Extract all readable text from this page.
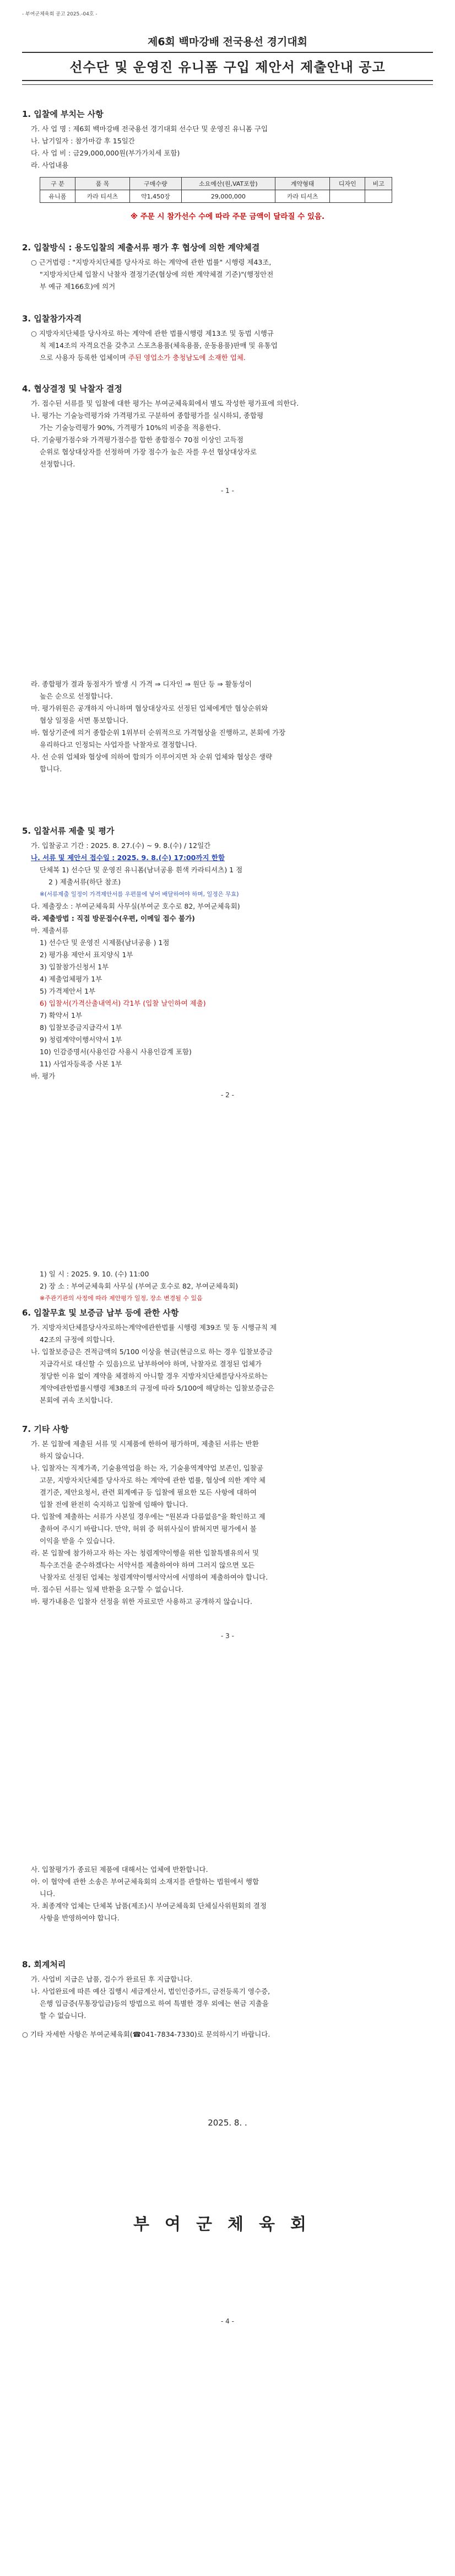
- 부여군체육회 공고 2025.-04호 -

제6회 백마강배 전국용선 경기대회

선수단 및 운영진 유니폼 구입 제안서 제출안내 공고

1. 입찰에 부치는 사항

가. 사 업 명 : 제6회 백마강배 전국용선 경기대회 선수단 및 운영진 유니폼 구입

나. 납기일자 : 참가마감 후 15일간

다. 사 업 비 : 금29,000,000원(부가가치세 포함)

라. 사업내용

구 분	품 목	구매수량	소요예산(원,VAT포함)	계약형태	디자인	비고
유니폼	카라 티셔츠	약1,450장	29,000,000	카라 티셔츠		

※ 주문 시 참가선수 수에 따라 주문 금액이 달라질 수 있음.

2. 입찰방식 : 용도입찰의 제출서류 평가 후 협상에 의한 계약체결

○ 근거법령 : "지방자치단체를 당사자로 하는 계약에 관한 법률" 시행령 제43조,

"지방자치단체 입찰시 낙찰자 결정기준(협상에 의한 계약체결 기준)"(행정안전

부 예규 제166호)에 의거

3. 입찰참가자격

○ 지방자치단체를 당사자로 하는 계약에 관한 법률시행령 제13조 및 동법 시행규

칙 제14조의 자격요건을 갖추고 스포츠용품(체육용품, 운동용품)판매 및 유통업

으로 사용자 등록한 업체이며 주된 영업소가 충청남도에 소재한 업체.

4. 협상결정 및 낙찰자 결정

가. 접수된 서류를 및 입찰에 대한 평가는 부여군체육회에서 별도 작성한 평가표에 의한다.

나. 평가는 기술능력평가와 가격평가로 구분하여 종합평가를 실시하되, 종합평

가는 기술능력평가 90%, 가격평가 10%의 비중을 적용한다.

다. 기술평가점수와 가격평가점수를 합한 종합점수 70점 이상인 고득점

순위로 협상대상자를 선정하며 가장 점수가 높은 자를 우선 협상대상자로

선정합니다.

- 1 -

라. 종합평가 결과 동점자가 발생 시 가격 ⇒ 디자인 ⇒ 원단 등 ⇒ 활동성이

높은 순으로 선정합니다.

마. 평가위원은 공개하지 아니하며 협상대상자로 선정된 업체에게만 협상순위와

협상 일정을 서면 통보합니다.

바. 협상기준에 의거 종합순위 1위부터 순위적으로 가격협상을 진행하고, 본회에 가장

유리하다고 인정되는 사업자를 낙찰자로 결정합니다.

사. 선 순위 업체와 협상에 의하여 합의가 이루어지면 차 순위 업체와 협상은 생략

합니다.

5. 입찰서류 제출 및 평가

가. 입찰공고 기간 : 2025. 8. 27.(수) ~ 9. 8.(수) / 12일간

나. 서류 및 제안서 접수일 : 2025. 9. 8.(수) 17:00까지 한함

단체복 1) 선수단 및 운영진 유니폼(남녀공용 흰색 카라티셔츠) 1 점

2 ) 제출서류(하단 참조)

※(서류제출 일정이 가격제안서를 우편물에 넣어 배달하여야 하며, 일정은 무효)

다. 제출장소 : 부여군체육회 사무실(부여군 호수로 82, 부여군체육회)

라. 제출방법 : 직접 방문접수(우편, 이메일 접수 불가)

마. 제출서류

1) 선수단 및 운영진 시제품(남녀공용 ) 1점

2) 평가용 제안서 표지양식 1부

3) 입찰참가신청서 1부

4) 제출업체평가 1부

5) 가격제안서 1부

6) 입찰서(가격산출내역서) 각1부 (입찰 날인하여 제출)

7) 확약서 1부

8) 입찰보증금지급각서 1부

9) 청렴계약이행서약서 1부

10) 인감증명서(사용인감 사용시 사용인감계 포함)

11) 사업자등록증 사본 1부

바. 평가

- 2 -

1) 일 시 : 2025. 9. 10. (수) 11:00

2) 장 소 : 부여군체육회 사무실 (부여군 호수로 82, 부여군체육회)

※주관기관의 사정에 따라 제안평가 일정, 장소 변경될 수 있음

6. 입찰무효 및 보증금 납부 등에 관한 사항

가. 지방자치단체를당사자로하는계약에관한법률 시행령 제39조 및 동 시행규칙 제

42조의 규정에 의합니다.

나. 입찰보증금은 견적금액의 5/100 이상을 현금(현금으로 하는 경우 입찰보증금

지급각서로 대신할 수 있음)으로 납부하여야 하며, 낙찰자로 결정된 업체가

정당한 이유 없이 계약을 체결하지 아니할 경우 지방자치단체를당사자로하는

계약에관한법률시행령 제38조의 규정에 따라 5/100에 해당하는 입찰보증금은

본회에 귀속 조치합니다.

7. 기타 사항

가. 본 입찰에 제출된 서류 및 시제품에 한하여 평가하며, 제출된 서류는 반환

하지 않습니다.

나. 입찰자는 직계가족, 기술용역업을 하는 자, 기술용역계약업 보존인, 입찰공

고문, 지방자치단체를 당사자로 하는 계약에 관한 법률, 협상에 의한 계약 체

결기준, 제안요청서, 관련 회계예규 등 입찰에 필요한 모든 사항에 대하여

입찰 전에 완전히 숙지하고 입찰에 임해야 합니다.

다. 입찰에 제출하는 서류가 사본일 경우에는 "원본과 다름없음"을 확인하고 제

출하여 주시기 바랍니다. 만약, 허위 증 허위사실이 밝혀지면 평가에서 불

이익을 받을 수 있습니다.

라. 본 입찰에 참가하고자 하는 자는 청렴계약이행을 위한 입찰특별유의서 및

특수조건을 준수하겠다는 서약서를 제출하여야 하며 그러지 않으면 모든

낙찰자로 선정된 업체는 청렴계약이행서약서에 서명하여 제출하여야 합니다.

마. 접수된 서류는 일체 반환을 요구할 수 없습니다.

바. 평가내용은 입찰자 선정을 위한 자료로만 사용하고 공개하지 않습니다.

- 3 -

사. 입찰평가가 종료된 제품에 대해서는 업체에 반환합니다.

아. 이 협약에 관한 소송은 부여군체육회의 소재지를 관할하는 법원에서 행합

니다.

자. 최종계약 업체는 단체복 납품(제조)시 부여군체육회 단체실사위원회의 결정

사항을 반영하여야 합니다.

8. 회계처리

가. 사업비 지급은 납품, 검수가 완료된 후 지급합니다.

나. 사업완료에 따른 예산 집행시 세금계산서, 법인인증카드, 금전등록기 영수증,

은행 입금증(무통장입금)등의 방법으로 하여 특별한 경우 외에는 현금 지출을

할 수 없습니다.

○ 기타 자세한 사항은 부여군체육회(☎041-7834-7330)로 문의하시기 바랍니다.

2025. 8. .
부여군체육회
- 4 -
